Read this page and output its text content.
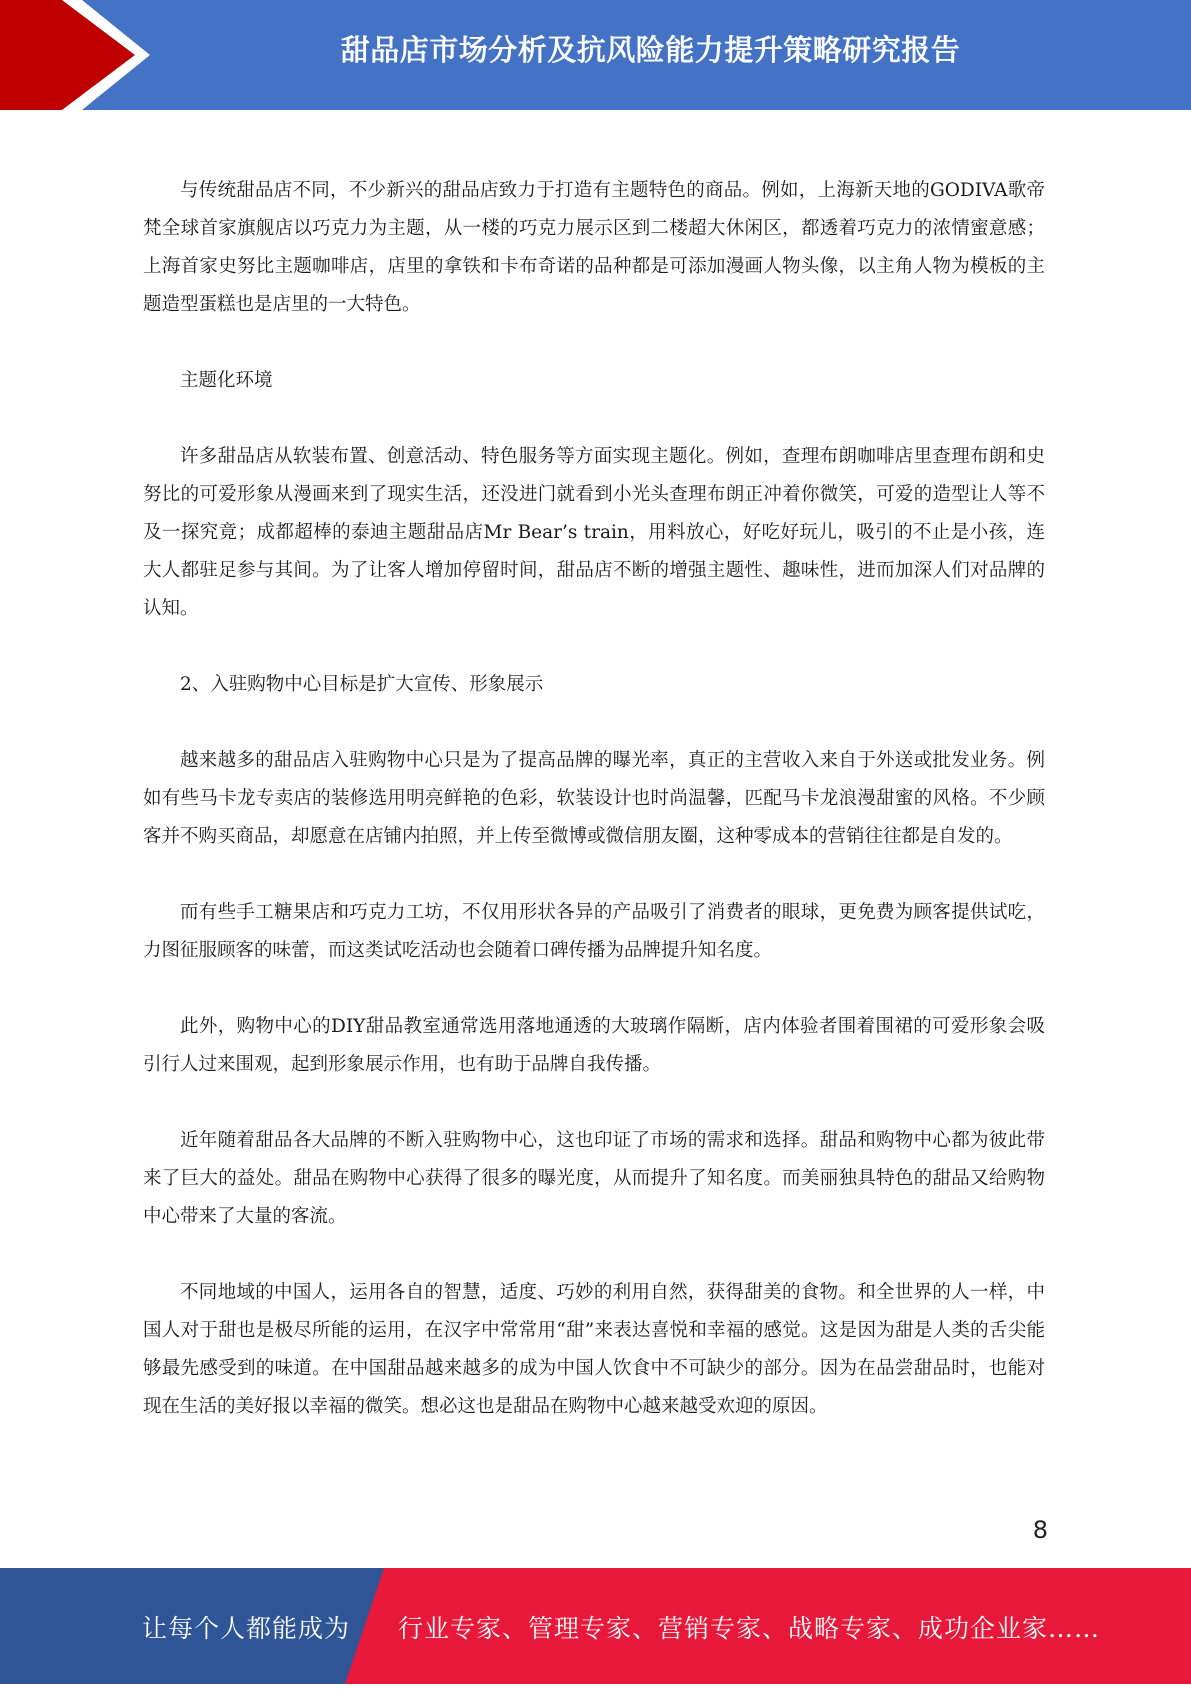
甜品店市场分析及抗风险能力提升策略研究报告

与传统甜品店不同，不少新兴的甜品店致力于打造有主题特色的商品。例如，上海新天地的GODIVA歌帝梵全球首家旗舰店以巧克力为主题，从一楼的巧克力展示区到二楼超大休闲区，都透着巧克力的浓情蜜意感；上海首家史努比主题咖啡店，店里的拿铁和卡布奇诺的品种都是可添加漫画人物头像，以主角人物为模板的主题造型蛋糕也是店里的一大特色。

主题化环境

许多甜品店从软装布置、创意活动、特色服务等方面实现主题化。例如，查理布朗咖啡店里查理布朗和史努比的可爱形象从漫画来到了现实生活，还没进门就看到小光头查理布朗正冲着你微笑，可爱的造型让人等不及一探究竟；成都超棒的泰迪主题甜品店Mr Bear’s train，用料放心，好吃好玩儿，吸引的不止是小孩，连大人都驻足参与其间。为了让客人增加停留时间，甜品店不断的增强主题性、趣味性，进而加深人们对品牌的认知。

2、入驻购物中心目标是扩大宣传、形象展示

越来越多的甜品店入驻购物中心只是为了提高品牌的曝光率，真正的主营收入来自于外送或批发业务。例如有些马卡龙专卖店的装修选用明亮鲜艳的色彩，软装设计也时尚温馨，匹配马卡龙浪漫甜蜜的风格。不少顾客并不购买商品，却愿意在店铺内拍照，并上传至微博或微信朋友圈，这种零成本的营销往往都是自发的。

而有些手工糖果店和巧克力工坊，不仅用形状各异的产品吸引了消费者的眼球，更免费为顾客提供试吃，力图征服顾客的味蕾，而这类试吃活动也会随着口碑传播为品牌提升知名度。

此外，购物中心的DIY甜品教室通常选用落地通透的大玻璃作隔断，店内体验者围着围裙的可爱形象会吸引行人过来围观，起到形象展示作用，也有助于品牌自我传播。

近年随着甜品各大品牌的不断入驻购物中心，这也印证了市场的需求和选择。甜品和购物中心都为彼此带来了巨大的益处。甜品在购物中心获得了很多的曝光度，从而提升了知名度。而美丽独具特色的甜品又给购物中心带来了大量的客流。

不同地域的中国人，运用各自的智慧，适度、巧妙的利用自然，获得甜美的食物。和全世界的人一样，中国人对于甜也是极尽所能的运用，在汉字中常常用“甜”来表达喜悦和幸福的感觉。这是因为甜是人类的舌尖能够最先感受到的味道。在中国甜品越来越多的成为中国人饮食中不可缺少的部分。因为在品尝甜品时，也能对现在生活的美好报以幸福的微笑。想必这也是甜品在购物中心越来越受欢迎的原因。

8
让每个人都能成为 行业专家、管理专家、营销专家、战略专家、成功企业家……
